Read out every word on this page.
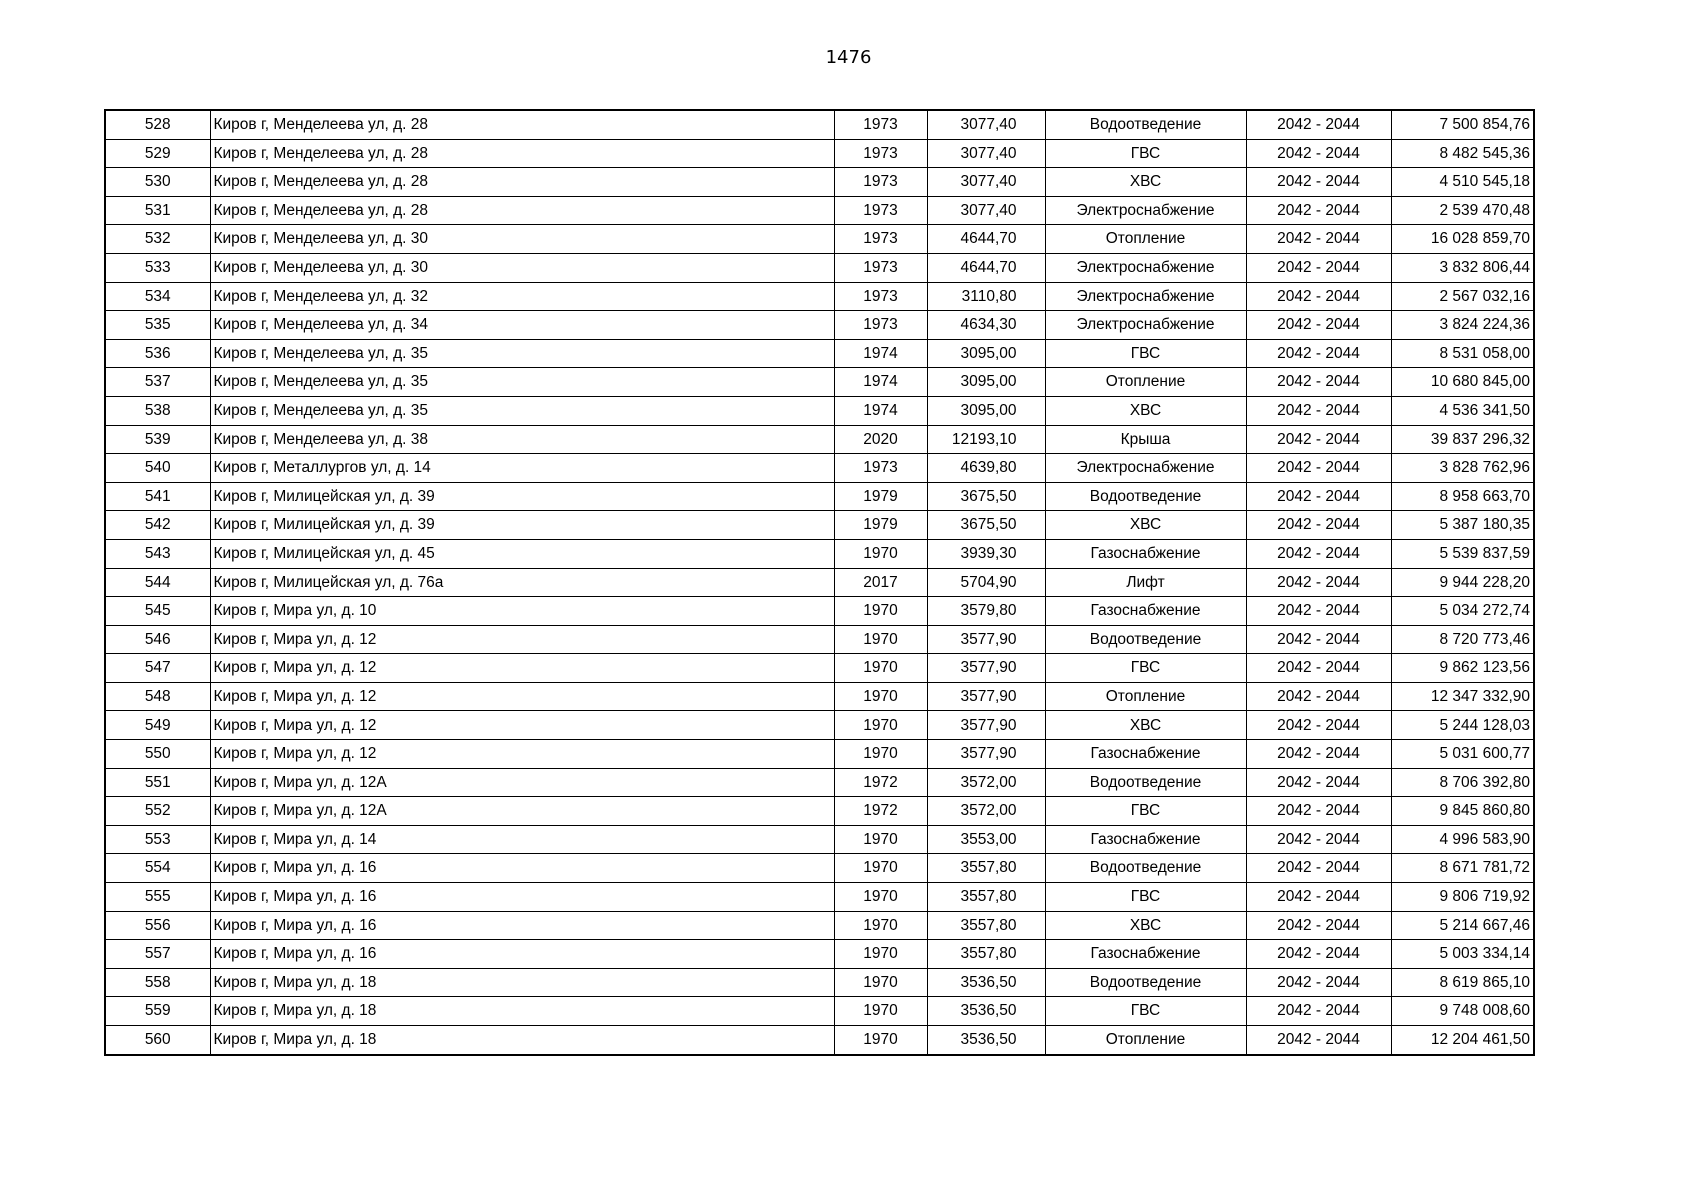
1476
528	Киров г, Менделеева ул, д. 28	1973	3077,40	Водоотведение	2042 - 2044	7 500 854,76
529	Киров г, Менделеева ул, д. 28	1973	3077,40	ГВС	2042 - 2044	8 482 545,36
530	Киров г, Менделеева ул, д. 28	1973	3077,40	ХВС	2042 - 2044	4 510 545,18
531	Киров г, Менделеева ул, д. 28	1973	3077,40	Электроснабжение	2042 - 2044	2 539 470,48
532	Киров г, Менделеева ул, д. 30	1973	4644,70	Отопление	2042 - 2044	16 028 859,70
533	Киров г, Менделеева ул, д. 30	1973	4644,70	Электроснабжение	2042 - 2044	3 832 806,44
534	Киров г, Менделеева ул, д. 32	1973	3110,80	Электроснабжение	2042 - 2044	2 567 032,16
535	Киров г, Менделеева ул, д. 34	1973	4634,30	Электроснабжение	2042 - 2044	3 824 224,36
536	Киров г, Менделеева ул, д. 35	1974	3095,00	ГВС	2042 - 2044	8 531 058,00
537	Киров г, Менделеева ул, д. 35	1974	3095,00	Отопление	2042 - 2044	10 680 845,00
538	Киров г, Менделеева ул, д. 35	1974	3095,00	ХВС	2042 - 2044	4 536 341,50
539	Киров г, Менделеева ул, д. 38	2020	12193,10	Крыша	2042 - 2044	39 837 296,32
540	Киров г, Металлургов ул, д. 14	1973	4639,80	Электроснабжение	2042 - 2044	3 828 762,96
541	Киров г, Милицейская ул, д. 39	1979	3675,50	Водоотведение	2042 - 2044	8 958 663,70
542	Киров г, Милицейская ул, д. 39	1979	3675,50	ХВС	2042 - 2044	5 387 180,35
543	Киров г, Милицейская ул, д. 45	1970	3939,30	Газоснабжение	2042 - 2044	5 539 837,59
544	Киров г, Милицейская ул, д. 76а	2017	5704,90	Лифт	2042 - 2044	9 944 228,20
545	Киров г, Мира ул, д. 10	1970	3579,80	Газоснабжение	2042 - 2044	5 034 272,74
546	Киров г, Мира ул, д. 12	1970	3577,90	Водоотведение	2042 - 2044	8 720 773,46
547	Киров г, Мира ул, д. 12	1970	3577,90	ГВС	2042 - 2044	9 862 123,56
548	Киров г, Мира ул, д. 12	1970	3577,90	Отопление	2042 - 2044	12 347 332,90
549	Киров г, Мира ул, д. 12	1970	3577,90	ХВС	2042 - 2044	5 244 128,03
550	Киров г, Мира ул, д. 12	1970	3577,90	Газоснабжение	2042 - 2044	5 031 600,77
551	Киров г, Мира ул, д. 12А	1972	3572,00	Водоотведение	2042 - 2044	8 706 392,80
552	Киров г, Мира ул, д. 12А	1972	3572,00	ГВС	2042 - 2044	9 845 860,80
553	Киров г, Мира ул, д. 14	1970	3553,00	Газоснабжение	2042 - 2044	4 996 583,90
554	Киров г, Мира ул, д. 16	1970	3557,80	Водоотведение	2042 - 2044	8 671 781,72
555	Киров г, Мира ул, д. 16	1970	3557,80	ГВС	2042 - 2044	9 806 719,92
556	Киров г, Мира ул, д. 16	1970	3557,80	ХВС	2042 - 2044	5 214 667,46
557	Киров г, Мира ул, д. 16	1970	3557,80	Газоснабжение	2042 - 2044	5 003 334,14
558	Киров г, Мира ул, д. 18	1970	3536,50	Водоотведение	2042 - 2044	8 619 865,10
559	Киров г, Мира ул, д. 18	1970	3536,50	ГВС	2042 - 2044	9 748 008,60
560	Киров г, Мира ул, д. 18	1970	3536,50	Отопление	2042 - 2044	12 204 461,50
